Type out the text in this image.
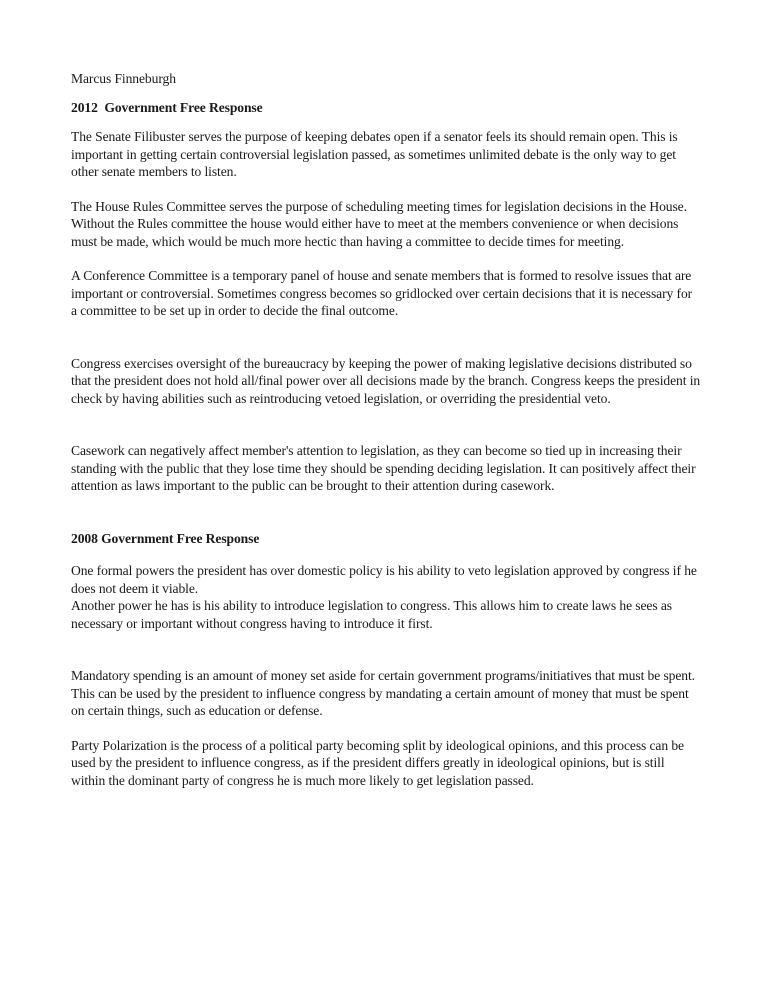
Marcus Finneburgh
2012  Government Free Response
The Senate Filibuster serves the purpose of keeping debates open if a senator feels its should remain open. This is important in getting certain controversial legislation passed, as sometimes unlimited debate is the only way to get other senate members to listen.
The House Rules Committee serves the purpose of scheduling meeting times for legislation decisions in the House. Without the Rules committee the house would either have to meet at the members convenience or when decisions must be made, which would be much more hectic than having a committee to decide times for meeting.
A Conference Committee is a temporary panel of house and senate members that is formed to resolve issues that are important or controversial. Sometimes congress becomes so gridlocked over certain decisions that it is necessary for a committee to be set up in order to decide the final outcome.
Congress exercises oversight of the bureaucracy by keeping the power of making legislative decisions distributed so that the president does not hold all/final power over all decisions made by the branch. Congress keeps the president in check by having abilities such as reintroducing vetoed legislation, or overriding the presidential veto.
Casework can negatively affect member's attention to legislation, as they can become so tied up in increasing their standing with the public that they lose time they should be spending deciding legislation. It can positively affect their attention as laws important to the public can be brought to their attention during casework.
2008 Government Free Response
One formal powers the president has over domestic policy is his ability to veto legislation approved by congress if he does not deem it viable.
Another power he has is his ability to introduce legislation to congress. This allows him to create laws he sees as necessary or important without congress having to introduce it first.
Mandatory spending is an amount of money set aside for certain government programs/initiatives that must be spent. This can be used by the president to influence congress by mandating a certain amount of money that must be spent on certain things, such as education or defense.
Party Polarization is the process of a political party becoming split by ideological opinions, and this process can be used by the president to influence congress, as if the president differs greatly in ideological opinions, but is still within the dominant party of congress he is much more likely to get legislation passed.
